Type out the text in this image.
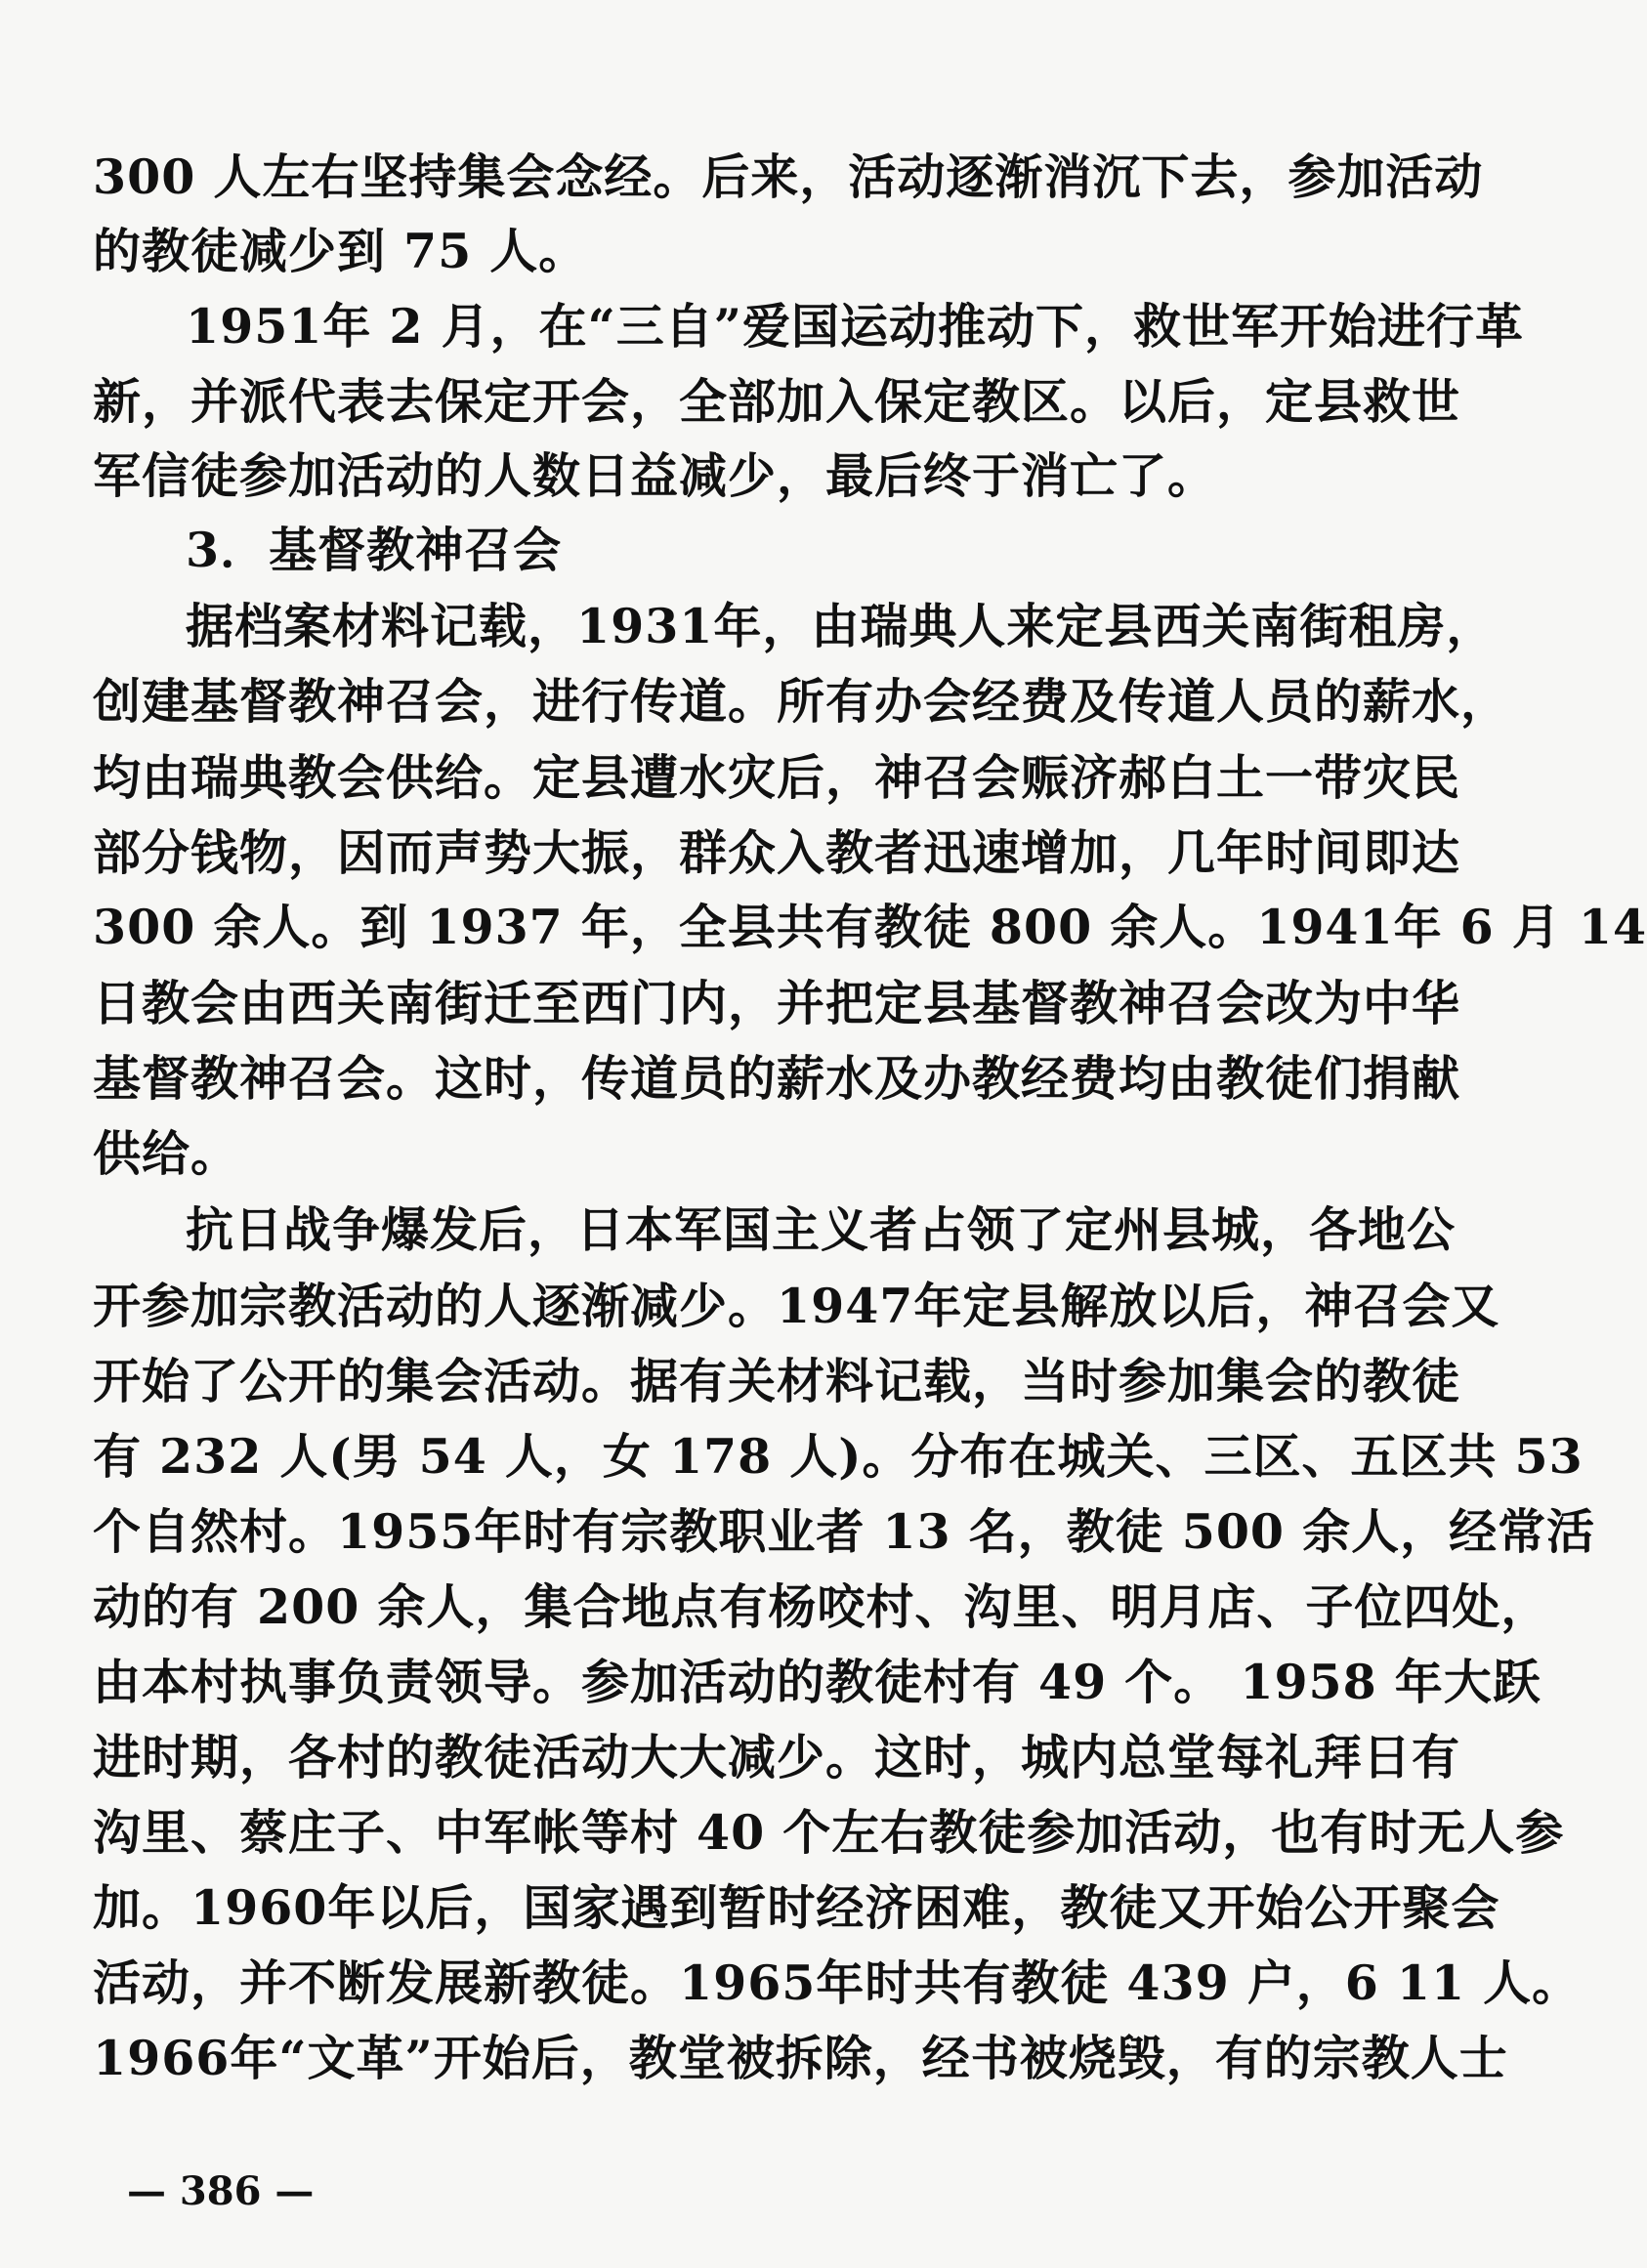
300 人左右坚持集会念经。后来，活动逐渐消沉下去，参加活动
的教徒减少到 75 人。
1951年 2 月，在“三自”爱国运动推动下，救世军开始进行革
新，并派代表去保定开会，全部加入保定教区。以后，定县救世
军信徒参加活动的人数日益减少，最后终于消亡了。
3．基督教神召会
据档案材料记载，1931年，由瑞典人来定县西关南街租房，
创建基督教神召会，进行传道。所有办会经费及传道人员的薪水，
均由瑞典教会供给。定县遭水灾后，神召会赈济郝白土一带灾民
部分钱物，因而声势大振，群众入教者迅速增加，几年时间即达
300 余人。到 1937 年，全县共有教徒 800 余人。1941年 6 月 14
日教会由西关南街迁至西门内，并把定县基督教神召会改为中华
基督教神召会。这时，传道员的薪水及办教经费均由教徒们捐献
供给。
抗日战争爆发后，日本军国主义者占领了定州县城，各地公
开参加宗教活动的人逐渐减少。1947年定县解放以后，神召会又
开始了公开的集会活动。据有关材料记载，当时参加集会的教徒
有 232 人(男 54 人，女 178 人)。分布在城关、三区、五区共 53
个自然村。1955年时有宗教职业者 13 名，教徒 500 余人，经常活
动的有 200 余人，集合地点有杨咬村、沟里、明月店、子位四处，
由本村执事负责领导。参加活动的教徒村有 49 个。 1958 年大跃
进时期，各村的教徒活动大大减少。这时，城内总堂每礼拜日有
沟里、蔡庄子、中军帐等村 40 个左右教徒参加活动，也有时无人参
加。1960年以后，国家遇到暂时经济困难，教徒又开始公开聚会
活动，并不断发展新教徒。1965年时共有教徒 439 户，6 11 人。
1966年“文革”开始后，教堂被拆除，经书被烧毁，有的宗教人士
— 386 —
